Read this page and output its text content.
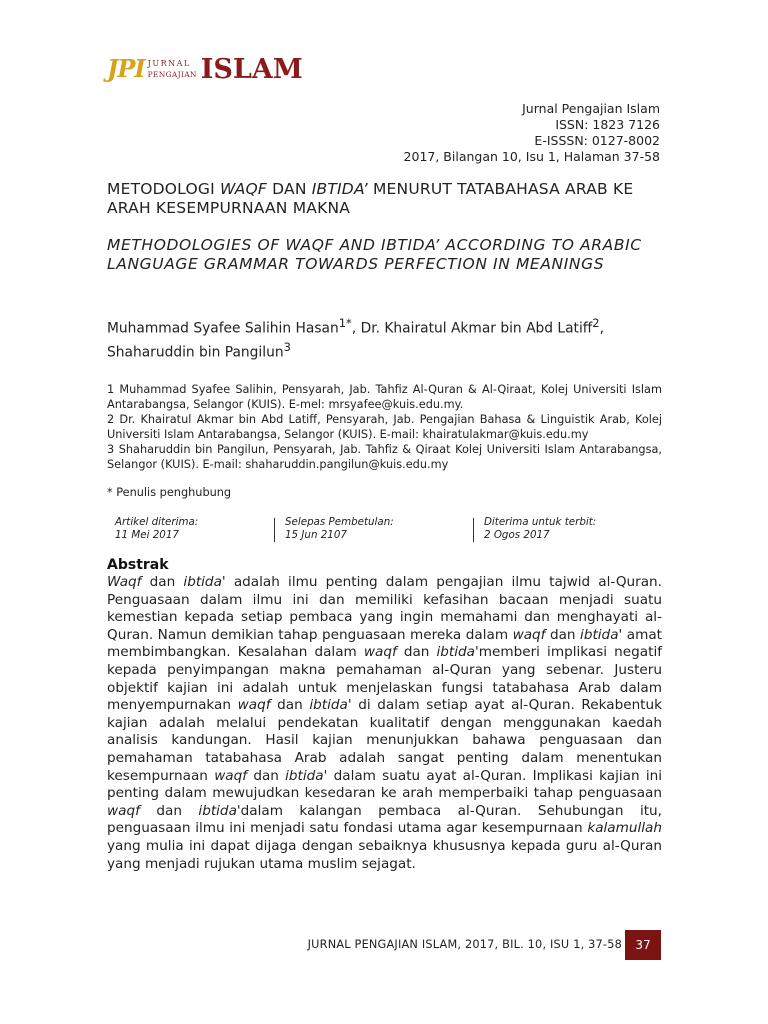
JPI JURNAL
PENGAJIAN ISLAM
Jurnal Pengajian Islam
ISSN: 1823 7126
E-ISSSN: 0127-8002
2017, Bilangan 10, Isu 1, Halaman 37-58
METODOLOGI WAQF DAN IBTIDA’ MENURUT TATABAHASA ARAB KE ARAH KESEMPURNAAN MAKNA
METHODOLOGIES OF WAQF AND IBTIDA’ ACCORDING TO ARABIC LANGUAGE GRAMMAR TOWARDS PERFECTION IN MEANINGS
Muhammad Syafee Salihin Hasan$^{1*}$, Dr. Khairatul Akmar bin Abd Latiff$^2$, Shaharuddin bin Pangilun$^3$
1 Muhammad Syafee Salihin, Pensyarah, Jab. Tahfiz Al-Quran & Al-Qiraat, Kolej Universiti Islam Antarabangsa, Selangor (KUIS). E-mel: mrsyafee@kuis.edu.my.
2 Dr. Khairatul Akmar bin Abd Latiff, Pensyarah, Jab. Pengajian Bahasa & Linguistik Arab, Kolej Universiti Islam Antarabangsa, Selangor (KUIS). E-mail: khairatulakmar@kuis.edu.my
3 Shaharuddin bin Pangilun, Pensyarah, Jab. Tahfiz & Qiraat Kolej Universiti Islam Antarabangsa, Selangor (KUIS). E-mail: shaharuddin.pangilun@kuis.edu.my
* Penulis penghubung
Artikel diterima:
11 Mei 2017
Selepas Pembetulan:
15 Jun 2107
Diterima untuk terbit:
2 Ogos 2017
Abstrak
Waqf dan ibtida' adalah ilmu penting dalam pengajian ilmu tajwid al-Quran. Penguasaan dalam ilmu ini dan memiliki kefasihan bacaan menjadi suatu kemestian kepada setiap pembaca yang ingin memahami dan menghayati al-Quran. Namun demikian tahap penguasaan mereka dalam waqf dan ibtida' amat membimbangkan. Kesalahan dalam waqf dan ibtida'memberi implikasi negatif kepada penyimpangan makna pemahaman al-Quran yang sebenar. Justeru objektif kajian ini adalah untuk menjelaskan fungsi tatabahasa Arab dalam menyempurnakan waqf dan ibtida' di dalam setiap ayat al-Quran. Rekabentuk kajian adalah melalui pendekatan kualitatif dengan menggunakan kaedah analisis kandungan. Hasil kajian menunjukkan bahawa penguasaan dan pemahaman tatabahasa Arab adalah sangat penting dalam menentukan kesempurnaan waqf dan ibtida' dalam suatu ayat al-Quran. Implikasi kajian ini penting dalam mewujudkan kesedaran ke arah memperbaiki tahap penguasaan waqf dan ibtida'dalam kalangan pembaca al-Quran. Sehubungan itu, penguasaan ilmu ini menjadi satu fondasi utama agar kesempurnaan kalamullah yang mulia ini dapat dijaga dengan sebaiknya khususnya kepada guru al-Quran yang menjadi rujukan utama muslim sejagat.
JURNAL PENGAJIAN ISLAM, 2017, BIL. 10, ISU 1, 37-58	37
